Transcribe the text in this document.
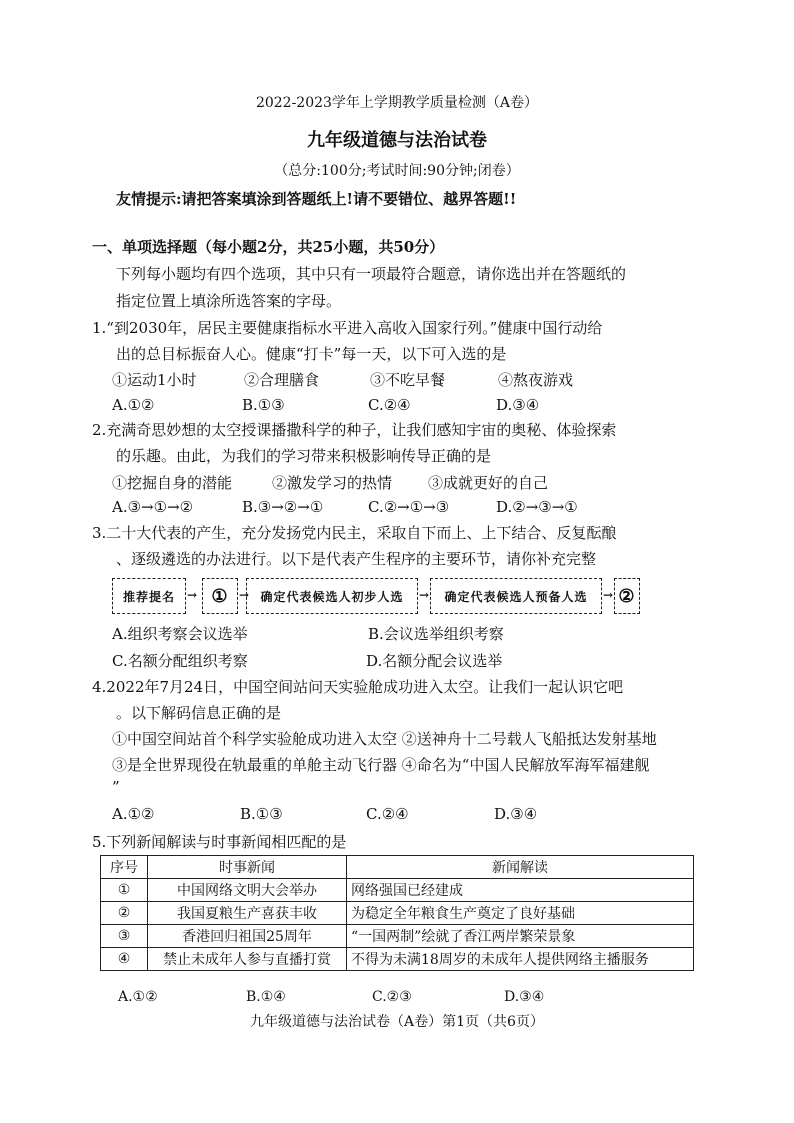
2022-2023学年上学期教学质量检测（A卷）
九年级道德与法治试卷
（总分:100分;考试时间:90分钟;闭卷）
友情提示:请把答案填涂到答题纸上!请不要错位、越界答题!!
一、单项选择题（每小题2分，共25小题，共50分）
下列每小题均有四个选项，其中只有一项最符合题意，请你选出并在答题纸的
指定位置上填涂所选答案的字母。
1.“到2030年，居民主要健康指标水平进入高收入国家行列。”健康中国行动给
出的总目标振奋人心。健康“打卡”每一天，以下可入选的是
①运动1小时	②合理膳食	③不吃早餐	④熬夜游戏
A.①②	B.①③	C.②④	D.③④
2.充满奇思妙想的太空授课播撒科学的种子，让我们感知宇宙的奥秘、体验探索
的乐趣。由此，为我们的学习带来积极影响传导正确的是
①挖掘自身的潜能	②激发学习的热情 ③成就更好的自己
A.③→①→②	B.③→②→①	C.②→①→③	D.②→③→①
3.二十大代表的产生，充分发扬党内民主，采取自下而上、上下结合、反复酝酿
、逐级遴选的办法进行。以下是代表产生程序的主要环节，请你补充完整
推荐提名	→ ① → 确定代表候选人初步人选	→	确定代表候选人预备人选	→ ②
A.组织考察会议选举	B.会议选举组织考察
C.名额分配组织考察	D.名额分配会议选举
4.2022年7月24日，中国空间站问天实验舱成功进入太空。让我们一起认识它吧
。以下解码信息正确的是
①中国空间站首个科学实验舱成功进入太空 ②送神舟十二号载人飞船抵达发射基地
③是全世界现役在轨最重的单舱主动飞行器 ④命名为“中国人民解放军海军福建舰
”
A.①②	B.①③	C.②④	D.③④
5.下列新闻解读与时事新闻相匹配的是
序号	时事新闻	新闻解读
①	中国网络文明大会举办	网络强国已经建成
②	我国夏粮生产喜获丰收	为稳定全年粮食生产奠定了良好基础
③	香港回归祖国25周年	“一国两制”绘就了香江两岸繁荣景象
④	禁止未成年人参与直播打赏	不得为未满18周岁的未成年人提供网络主播服务
A.①②	B.①④	C.②③	D.③④
九年级道德与法治试卷（A卷）第1页（共6页）
